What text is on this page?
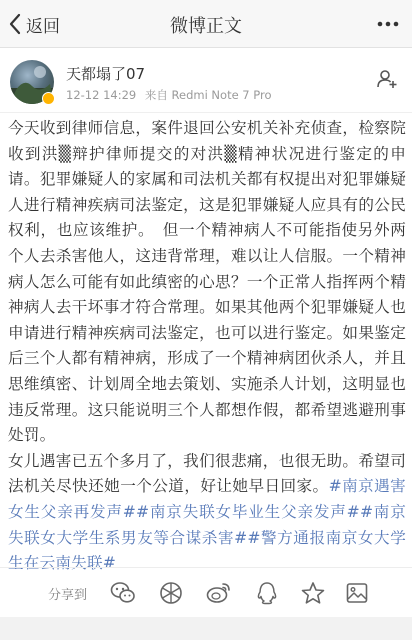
返回	微博正文
天都塌了07
12-12 14:29 来自 Redmi Note 7 Pro

今天收到律师信息，案件退回公安机关补充侦查，检察院收到洪▒辩护律师提交的对洪▒精神状况进行鉴定的申请。犯罪嫌疑人的家属和司法机关都有权提出对犯罪嫌疑人进行精神疾病司法鉴定，这是犯罪嫌疑人应具有的公民权利，也应该维护。　但一个精神病人不可能指使另外两个人去杀害他人，这违背常理，难以让人信服。一个精神病人怎么可能有如此缜密的心思？一个正常人指挥两个精神病人去干坏事才符合常理。如果其他两个犯罪嫌疑人也申请进行精神疾病司法鉴定，也可以进行鉴定。如果鉴定后三个人都有精神病，形成了一个精神病团伙杀人，并且思维缜密、计划周全地去策划、实施杀人计划，这明显也违反常理。这只能说明三个人都想作假，都希望逃避刑事处罚。

女儿遇害已五个多月了，我们很悲痛，也很无助。希望司法机关尽快还她一个公道，好让她早日回家。#南京遇害女生父亲再发声##南京失联女毕业生父亲发声##南京失联女大学生系男友等合谋杀害##警方通报南京女大学生在云南失联#

分享到
